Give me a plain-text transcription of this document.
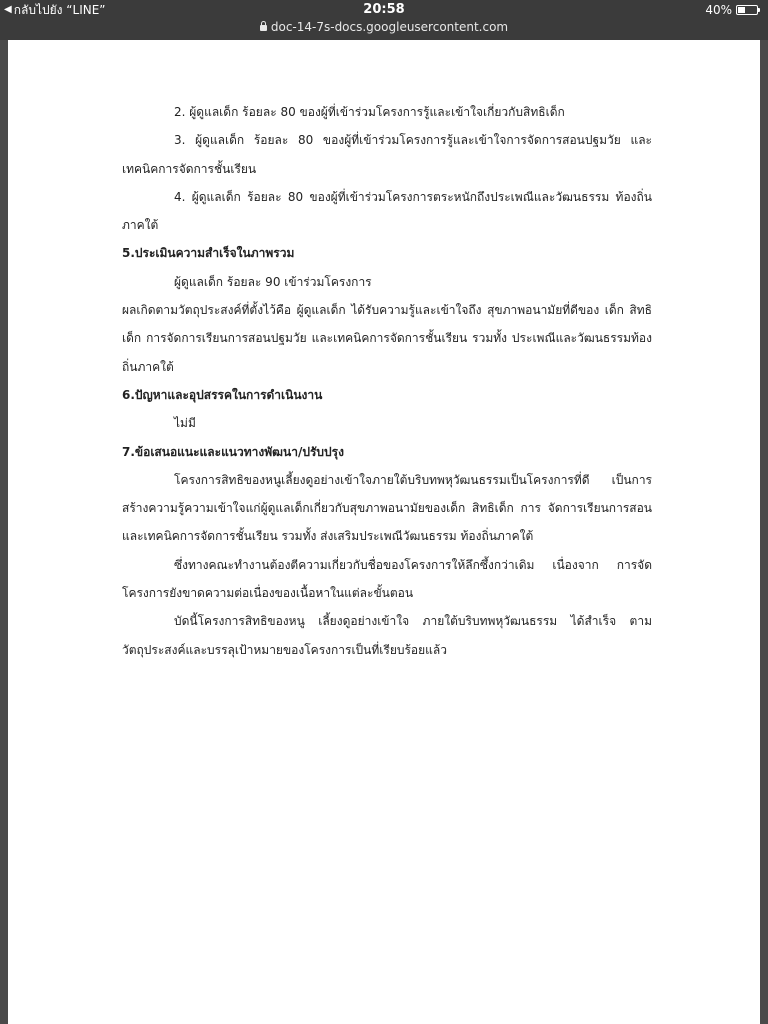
◀ กลับไปยัง “LINE”	20:58	40%
doc-14-7s-docs.googleusercontent.com

2. ผู้ดูแลเด็ก ร้อยละ 80 ของผู้ที่เข้าร่วมโครงการรู้และเข้าใจเกี่ยวกับสิทธิเด็ก

3. ผู้ดูแลเด็ก ร้อยละ 80 ของผู้ที่เข้าร่วมโครงการรู้และเข้าใจการจัดการสอนปฐมวัย และเทคนิคการจัดการชั้นเรียน

4. ผู้ดูแลเด็ก ร้อยละ 80 ของผู้ที่เข้าร่วมโครงการตระหนักถึงประเพณีและวัฒนธรรม ท้องถิ่นภาคใต้

5.ประเมินความสำเร็จในภาพรวม

ผู้ดูแลเด็ก ร้อยละ 90 เข้าร่วมโครงการ

ผลเกิดตามวัตถุประสงค์ที่ตั้งไว้คือ ผู้ดูแลเด็ก ได้รับความรู้และเข้าใจถึง สุขภาพอนามัยที่ดีของ เด็ก สิทธิเด็ก การจัดการเรียนการสอนปฐมวัย และเทคนิคการจัดการชั้นเรียน รวมทั้ง ประเพณีและวัฒนธรรมท้องถิ่นภาคใต้

6.ปัญหาและอุปสรรคในการดำเนินงาน

ไม่มี

7.ข้อเสนอแนะและแนวทางพัฒนา/ปรับปรุง

โครงการสิทธิของหนูเลี้ยงดูอย่างเข้าใจภายใต้บริบทพหุวัฒนธรรมเป็นโครงการที่ดี เป็นการสร้างความรู้ความเข้าใจแก่ผู้ดูแลเด็กเกี่ยวกับสุขภาพอนามัยของเด็ก สิทธิเด็ก การ จัดการเรียนการสอน และเทคนิคการจัดการชั้นเรียน รวมทั้ง ส่งเสริมประเพณีวัฒนธรรม ท้องถิ่นภาคใต้

ซึ่งทางคณะทำงานต้องตีความเกี่ยวกับชื่อของโครงการให้ลึกซึ้งกว่าเดิม เนื่องจาก การจัดโครงการยังขาดความต่อเนื่องของเนื้อหาในแต่ละขั้นตอน

บัดนี้โครงการสิทธิของหนู เลี้ยงดูอย่างเข้าใจ ภายใต้บริบทพหุวัฒนธรรม ได้สำเร็จ ตามวัตถุประสงค์และบรรลุเป้าหมายของโครงการเป็นที่เรียบร้อยแล้ว
